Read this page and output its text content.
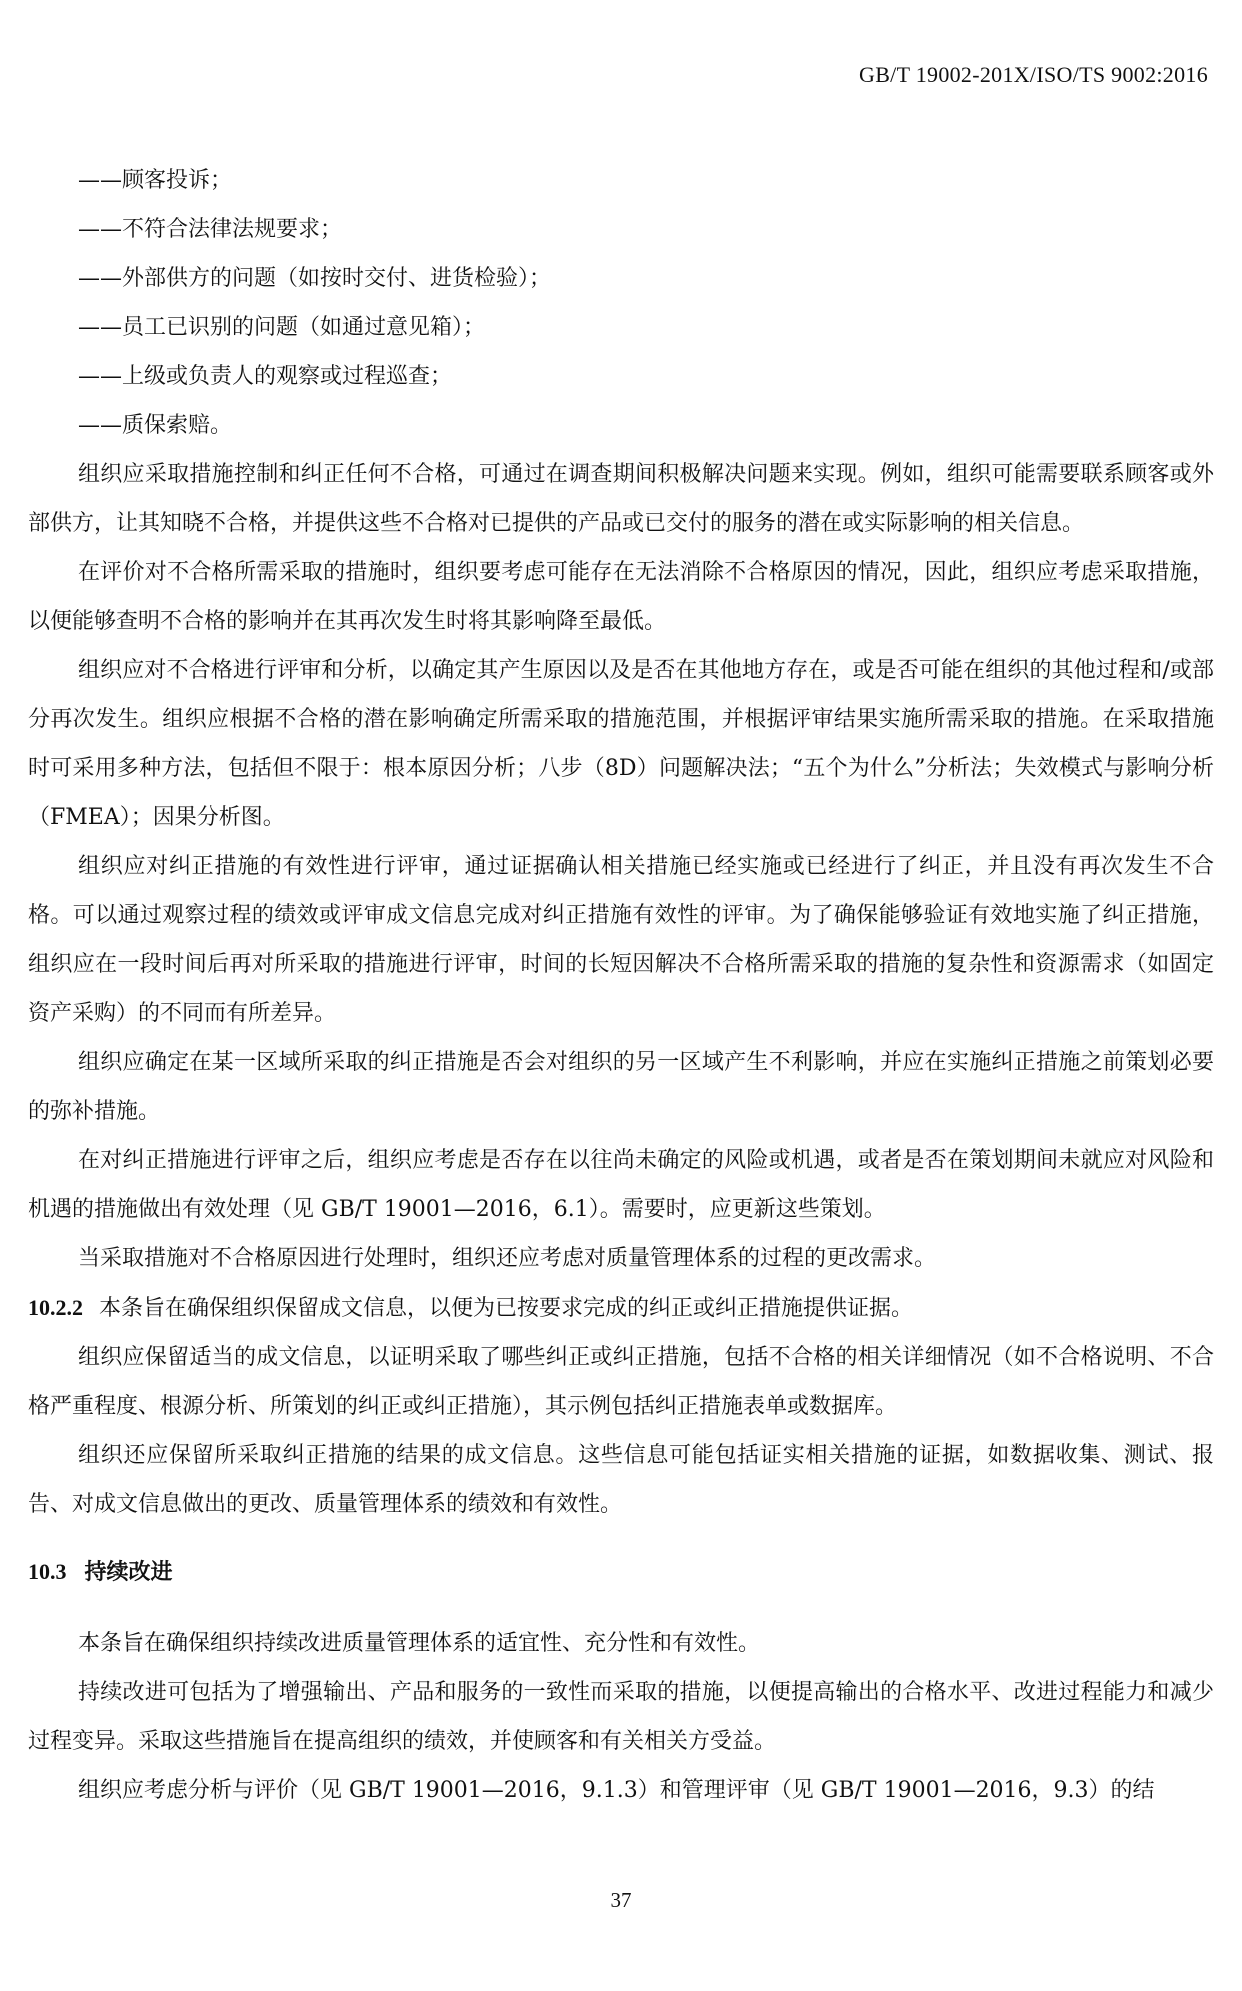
GB/T 19002-201X/ISO/TS 9002:2016

——顾客投诉；

——不符合法律法规要求；

——外部供方的问题（如按时交付、进货检验）；

——员工已识别的问题（如通过意见箱）；

——上级或负责人的观察或过程巡查；

——质保索赔。

组织应采取措施控制和纠正任何不合格，可通过在调查期间积极解决问题来实现。例如，组织可能需要联系顾客或外部供方，让其知晓不合格，并提供这些不合格对已提供的产品或已交付的服务的潜在或实际影响的相关信息。

在评价对不合格所需采取的措施时，组织要考虑可能存在无法消除不合格原因的情况，因此，组织应考虑采取措施，以便能够查明不合格的影响并在其再次发生时将其影响降至最低。

组织应对不合格进行评审和分析，以确定其产生原因以及是否在其他地方存在，或是否可能在组织的其他过程和/或部分再次发生。组织应根据不合格的潜在影响确定所需采取的措施范围，并根据评审结果实施所需采取的措施。在采取措施时可采用多种方法，包括但不限于：根本原因分析；八步（8D）问题解决法；“五个为什么”分析法；失效模式与影响分析（FMEA）；因果分析图。

组织应对纠正措施的有效性进行评审，通过证据确认相关措施已经实施或已经进行了纠正，并且没有再次发生不合格。可以通过观察过程的绩效或评审成文信息完成对纠正措施有效性的评审。为了确保能够验证有效地实施了纠正措施，组织应在一段时间后再对所采取的措施进行评审，时间的长短因解决不合格所需采取的措施的复杂性和资源需求（如固定资产采购）的不同而有所差异。

组织应确定在某一区域所采取的纠正措施是否会对组织的另一区域产生不利影响，并应在实施纠正措施之前策划必要的弥补措施。

在对纠正措施进行评审之后，组织应考虑是否存在以往尚未确定的风险或机遇，或者是否在策划期间未就应对风险和机遇的措施做出有效处理（见 GB/T 19001—2016，6.1）。需要时，应更新这些策划。

当采取措施对不合格原因进行处理时，组织还应考虑对质量管理体系的过程的更改需求。

10.2.2 本条旨在确保组织保留成文信息，以便为已按要求完成的纠正或纠正措施提供证据。

组织应保留适当的成文信息，以证明采取了哪些纠正或纠正措施，包括不合格的相关详细情况（如不合格说明、不合格严重程度、根源分析、所策划的纠正或纠正措施），其示例包括纠正措施表单或数据库。

组织还应保留所采取纠正措施的结果的成文信息。这些信息可能包括证实相关措施的证据，如数据收集、测试、报告、对成文信息做出的更改、质量管理体系的绩效和有效性。

10.3 持续改进

本条旨在确保组织持续改进质量管理体系的适宜性、充分性和有效性。

持续改进可包括为了增强输出、产品和服务的一致性而采取的措施，以便提高输出的合格水平、改进过程能力和减少过程变异。采取这些措施旨在提高组织的绩效，并使顾客和有关相关方受益。

组织应考虑分析与评价（见 GB/T 19001—2016，9.1.3）和管理评审（见 GB/T 19001—2016，9.3）的结

37
